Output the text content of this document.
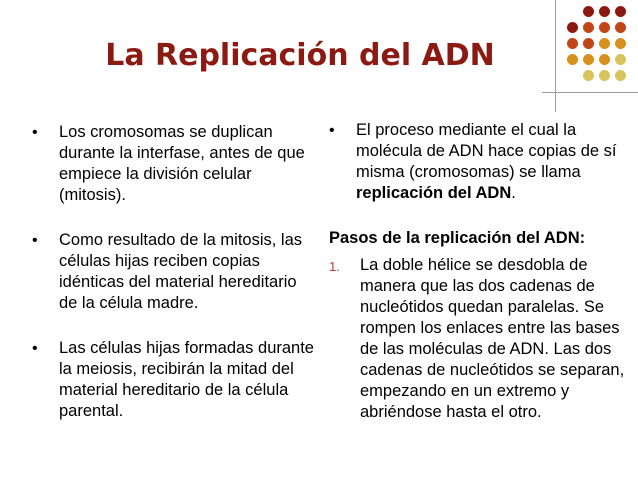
La Replicación del ADN
• Los cromosomas se duplican durante la interfase, antes de que empiece la división celular (mitosis).
• Como resultado de la mitosis, las células hijas reciben copias idénticas del material hereditario de la célula madre.
• Las células hijas formadas durante la meiosis, recibirán la mitad del material hereditario de la célula parental.
• El proceso mediante el cual la molécula de ADN hace copias de sí misma (cromosomas) se llama replicación del ADN.
Pasos de la replicación del ADN:
1. La doble hélice se desdobla de manera que las dos cadenas de nucleótidos quedan paralelas. Se rompen los enlaces entre las bases de las moléculas de ADN. Las dos cadenas de nucleótidos se separan, empezando en un extremo y abriéndose hasta el otro.
